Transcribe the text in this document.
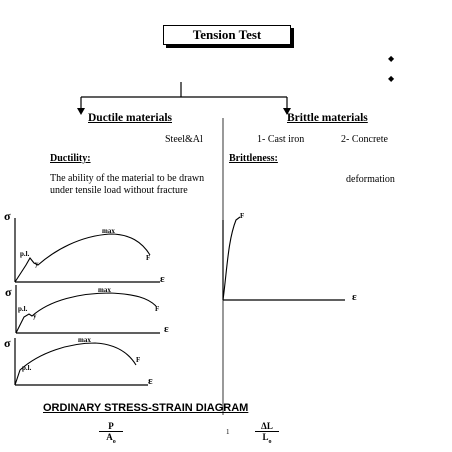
Tension Test
◆
◆
Ductile materials
Steel&Al
Ductility:
The ability of the material to be drawn under tensile load without fracture
Brittle materials
1- Cast iron	2- Concrete
Brittleness:
deformation
σ
p.l.
y
max
F
ε
σ
p.l.
y
max
F
ε
σ
p.l.
max
F
ε
F
ε
ORDINARY STRESS-STRAIN DIAGRAM
$\frac{P}{A_o}$	1	$\frac{\Delta L}{L_o}$
